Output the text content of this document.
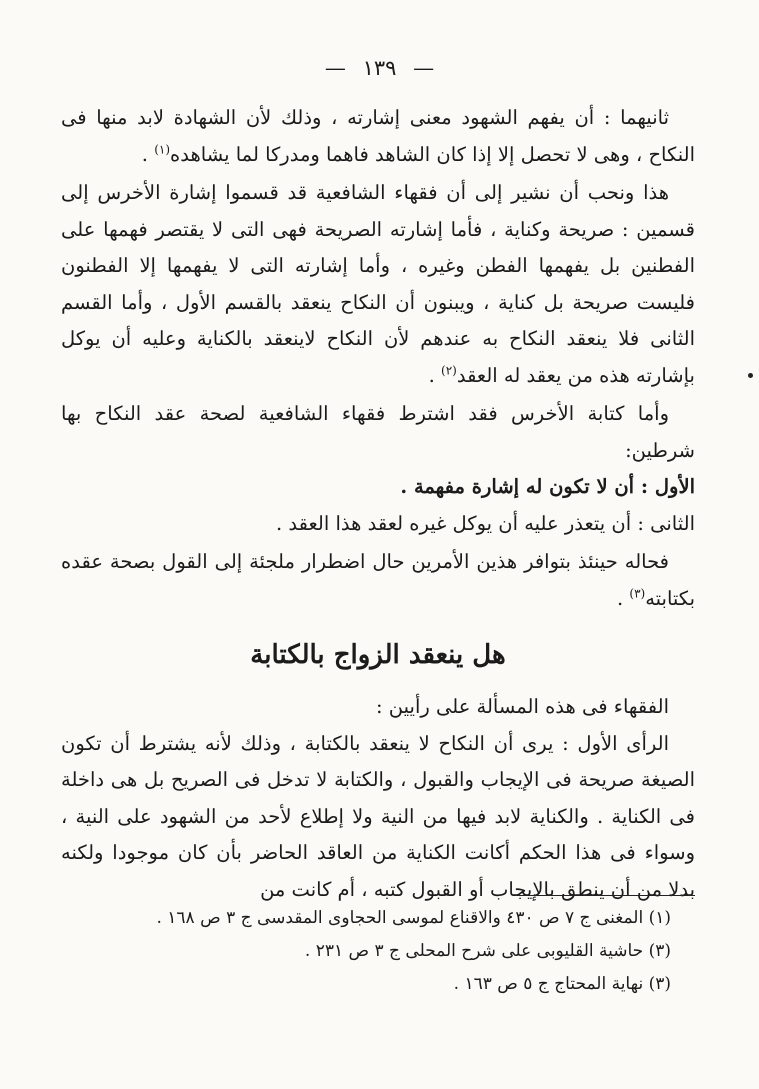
— ١٣٩ —

ثانيهما : أن يفهم الشهود معنى إشارته ، وذلك لأن الشهادة لابد منها فى النكاح ، وهى لا تحصل إلا إذا كان الشاهد فاهما ومدركا لما يشاهده$^{(١)}$ .

هذا ونحب أن نشير إلى أن فقهاء الشافعية قد قسموا إشارة الأخرس إلى قسمين : صريحة وكناية ، فأما إشارته الصريحة فهى التى لا يقتصر فهمها على الفطنين بل يفهمها الفطن وغيره ، وأما إشارته التى لا يفهمها إلا الفطنون فليست صريحة بل كناية ، ويبنون أن النكاح ينعقد بالقسم الأول ، وأما القسم الثانى فلا ينعقد النكاح به عندهم لأن النكاح لاينعقد بالكناية وعليه أن يوكل بإشارته هذه من يعقد له العقد$^{(٢)}$ .

وأما كتابة الأخرس فقد اشترط فقهاء الشافعية لصحة عقد النكاح بها شرطين:

الأول : أن لا تكون له إشارة مفهمة .

الثانى : أن يتعذر عليه أن يوكل غيره لعقد هذا العقد .

فحاله حينئذ بتوافر هذين الأمرين حال اضطرار ملجئة إلى القول بصحة عقده بكتابته$^{(٣)}$ .

هل ينعقد الزواج بالكتابة

الفقهاء فى هذه المسألة على رأيين :

الرأى الأول : يرى أن النكاح لا ينعقد بالكتابة ، وذلك لأنه يشترط أن تكون الصيغة صريحة فى الإيجاب والقبول ، والكتابة لا تدخل فى الصريح بل هى داخلة فى الكناية . والكناية لابد فيها من النية ولا إطلاع لأحد من الشهود على النية ، وسواء فى هذا الحكم أكانت الكناية من العاقد الحاضر بأن كان موجودا ولكنه بدلا من أن ينطق بالإيجاب أو القبول كتبه ، أم كانت من

(١) المغنى ج ٧ ص ٤٣٠ والاقناع لموسى الحجاوى المقدسى ج ٣ ص ١٦٨ .

(٣) حاشية القليوبى على شرح المحلى ج ٣ ص ٢٣١ .

(٣) نهاية المحتاج ج ٥ ص ١٦٣ .
